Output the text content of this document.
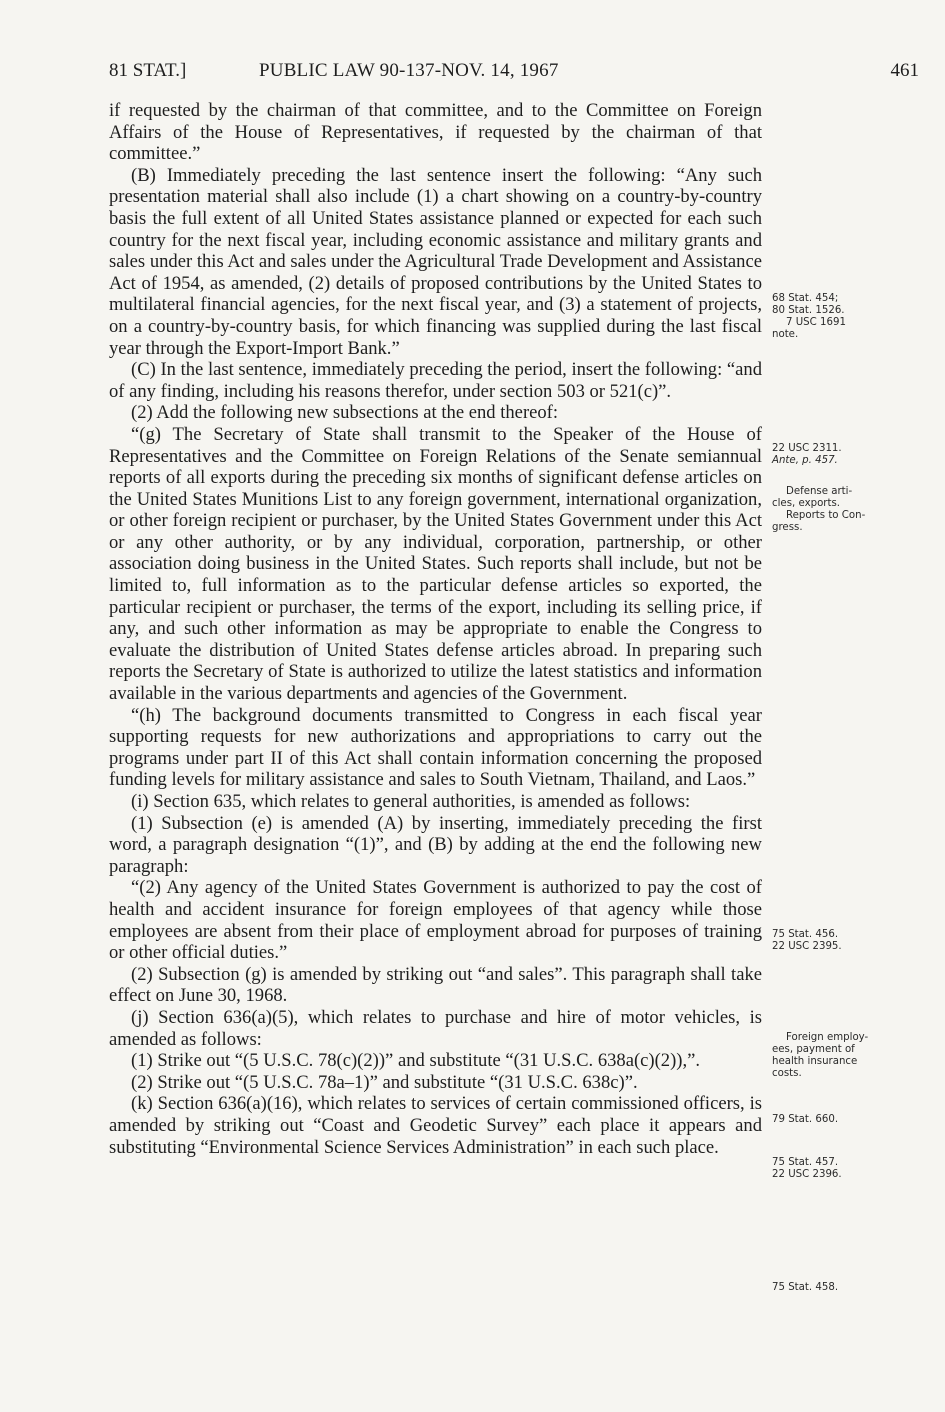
81 STAT.]	PUBLIC LAW 90-137-NOV. 14, 1967	461

if requested by the chairman of that committee, and to the Committee on Foreign Affairs of the House of Representatives, if requested by the chairman of that committee.”

(B) Immediately preceding the last sentence insert the following: “Any such presentation material shall also include (1) a chart showing on a country-by-country basis the full extent of all United States assistance planned or expected for each such country for the next fiscal year, including economic assistance and military grants and sales under this Act and sales under the Agricultural Trade Development and Assistance Act of 1954, as amended, (2) details of proposed contributions by the United States to multilateral financial agencies, for the next fiscal year, and (3) a statement of projects, on a country-by-country basis, for which financing was supplied during the last fiscal year through the Export-Import Bank.”

(C) In the last sentence, immediately preceding the period, insert the following: “and of any finding, including his reasons therefor, under section 503 or 521(c)”.

(2) Add the following new subsections at the end thereof:

“(g) The Secretary of State shall transmit to the Speaker of the House of Representatives and the Committee on Foreign Relations of the Senate semiannual reports of all exports during the preceding six months of significant defense articles on the United States Munitions List to any foreign government, international organization, or other foreign recipient or purchaser, by the United States Government under this Act or any other authority, or by any individual, corporation, partnership, or other association doing business in the United States. Such reports shall include, but not be limited to, full information as to the particular defense articles so exported, the particular recipient or purchaser, the terms of the export, including its selling price, if any, and such other information as may be appropriate to enable the Congress to evaluate the distribution of United States defense articles abroad. In preparing such reports the Secretary of State is authorized to utilize the latest statistics and information available in the various departments and agencies of the Government.

“(h) The background documents transmitted to Congress in each fiscal year supporting requests for new authorizations and appropriations to carry out the programs under part II of this Act shall contain information concerning the proposed funding levels for military assistance and sales to South Vietnam, Thailand, and Laos.”

(i) Section 635, which relates to general authorities, is amended as follows:

(1) Subsection (e) is amended (A) by inserting, immediately preceding the first word, a paragraph designation “(1)”, and (B) by adding at the end the following new paragraph:

“(2) Any agency of the United States Government is authorized to pay the cost of health and accident insurance for foreign employees of that agency while those employees are absent from their place of employment abroad for purposes of training or other official duties.”

(2) Subsection (g) is amended by striking out “and sales”. This paragraph shall take effect on June 30, 1968.

(j) Section 636(a)(5), which relates to purchase and hire of motor vehicles, is amended as follows:

(1) Strike out “(5 U.S.C. 78(c)(2))” and substitute “(31 U.S.C. 638a(c)(2)),”.

(2) Strike out “(5 U.S.C. 78a–1)” and substitute “(31 U.S.C. 638c)”.

(k) Section 636(a)(16), which relates to services of certain commissioned officers, is amended by striking out “Coast and Geodetic Survey” each place it appears and substituting “Environmental Science Services Administration” in each such place.

68 Stat. 454;
80 Stat. 1526.
7 USC 1691
note.
22 USC 2311.
Ante, p. 457.
Defense arti-
cles, exports.
Reports to Con-
gress.
75 Stat. 456.
22 USC 2395.
Foreign employ-
ees, payment of
health insurance
costs.
79 Stat. 660.
75 Stat. 457.
22 USC 2396.
75 Stat. 458.
